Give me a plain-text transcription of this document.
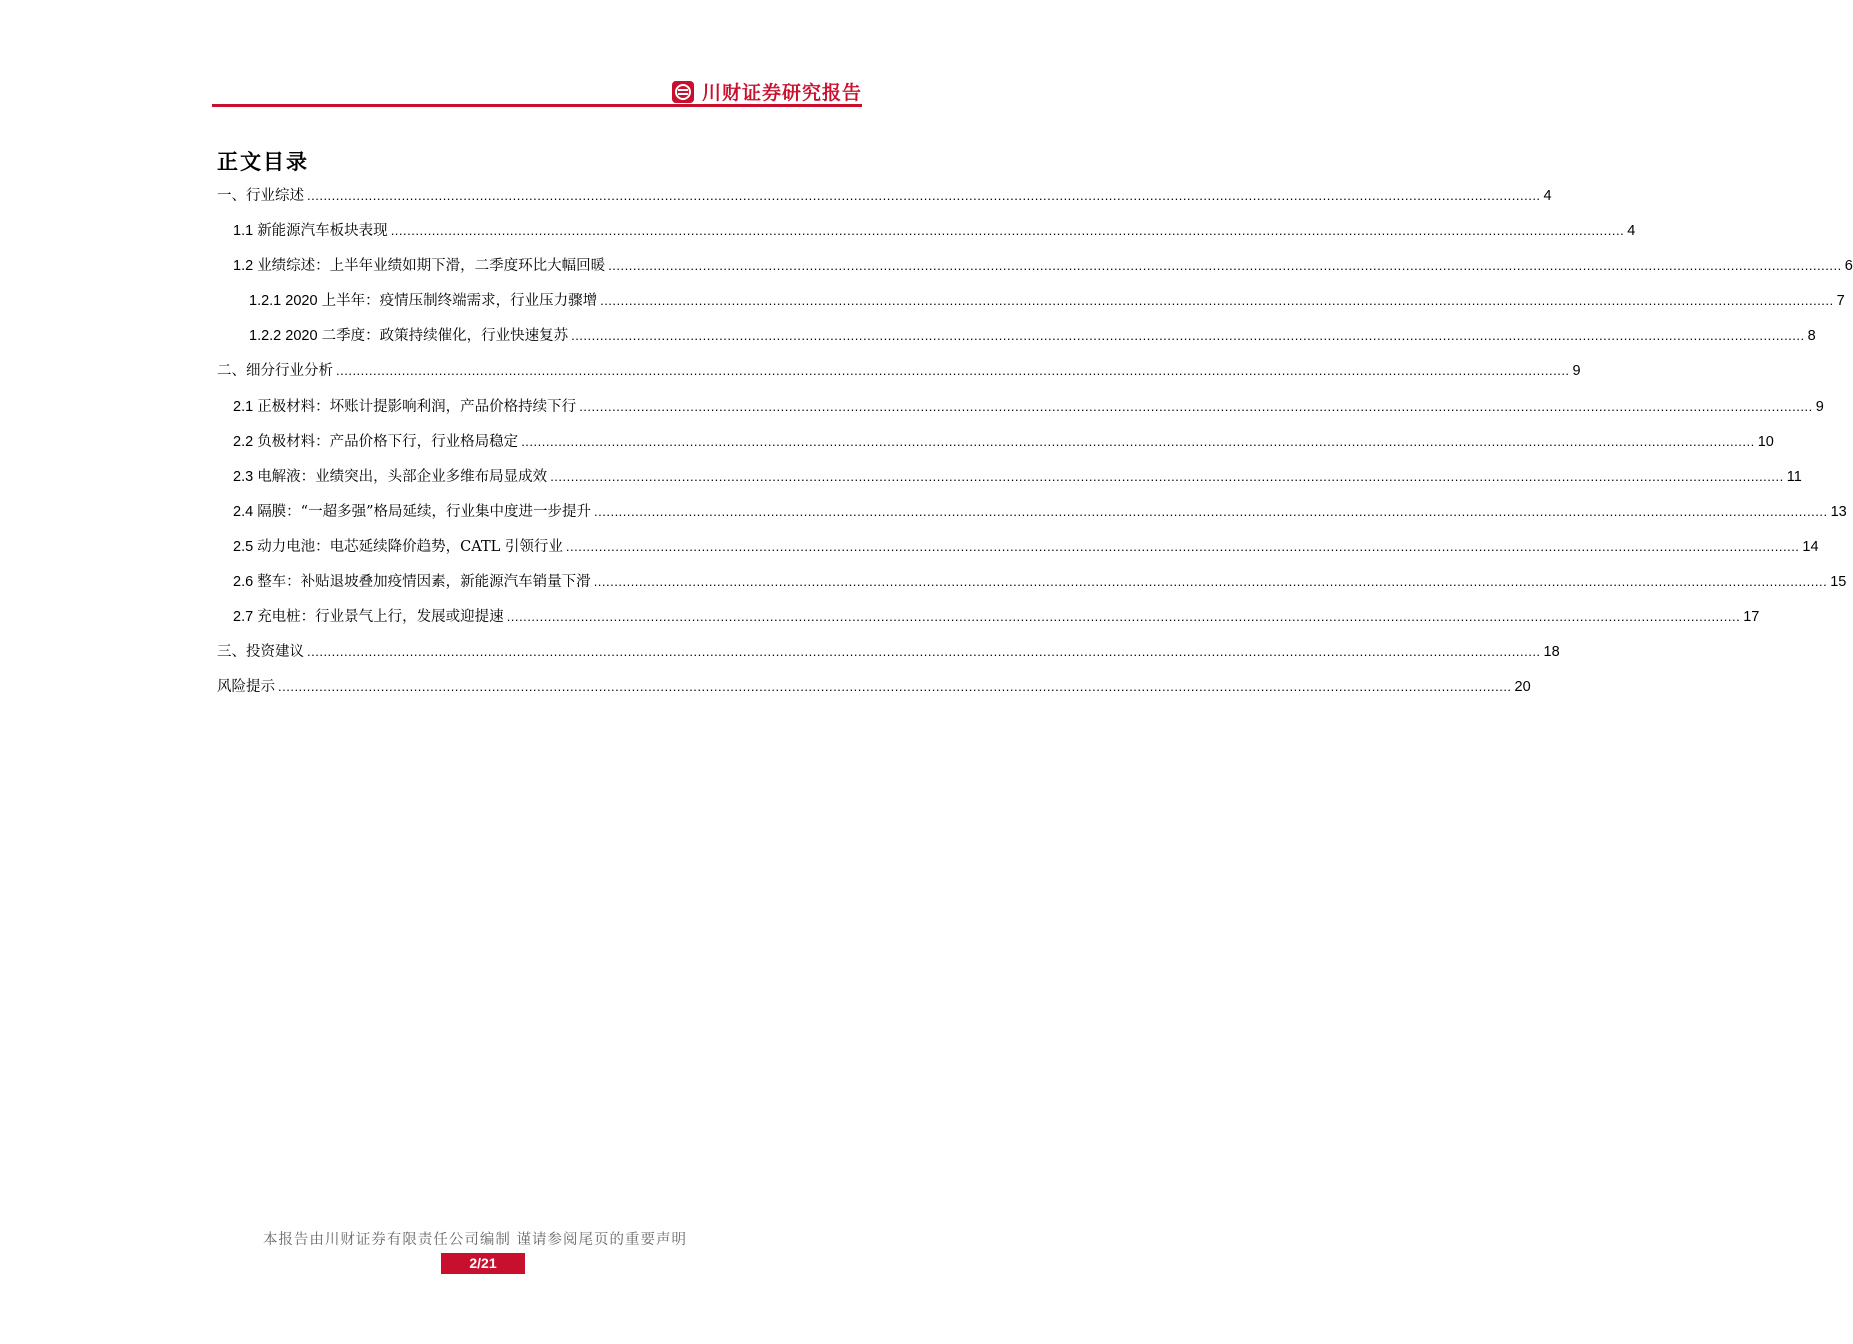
川财证券研究报告
正文目录
一、行业综述 ............................................................................................................................................................................................................................................................................................................ 4
1.1 新能源汽车板块表现 ............................................................................................................................................................................................................................................................................................................ 4
1.2 业绩综述：上半年业绩如期下滑，二季度环比大幅回暖 ............................................................................................................................................................................................................................................................................................................ 6
1.2.1 2020 上半年：疫情压制终端需求，行业压力骤增 ............................................................................................................................................................................................................................................................................................................ 7
1.2.2 2020 二季度：政策持续催化，行业快速复苏 ............................................................................................................................................................................................................................................................................................................ 8
二、细分行业分析 ............................................................................................................................................................................................................................................................................................................ 9
2.1 正极材料：坏账计提影响利润，产品价格持续下行 ............................................................................................................................................................................................................................................................................................................ 9
2.2 负极材料：产品价格下行，行业格局稳定 ............................................................................................................................................................................................................................................................................................................ 10
2.3 电解液：业绩突出，头部企业多维布局显成效 ............................................................................................................................................................................................................................................................................................................ 11
2.4 隔膜：“一超多强”格局延续，行业集中度进一步提升 ............................................................................................................................................................................................................................................................................................................ 13
2.5 动力电池：电芯延续降价趋势，CATL 引领行业 ............................................................................................................................................................................................................................................................................................................ 14
2.6 整车：补贴退坡叠加疫情因素，新能源汽车销量下滑 ............................................................................................................................................................................................................................................................................................................ 15
2.7 充电桩：行业景气上行，发展或迎提速 ............................................................................................................................................................................................................................................................................................................ 17
三、投资建议 ............................................................................................................................................................................................................................................................................................................ 18
风险提示 ............................................................................................................................................................................................................................................................................................................ 20
本报告由川财证券有限责任公司编制 谨请参阅尾页的重要声明
2/21
